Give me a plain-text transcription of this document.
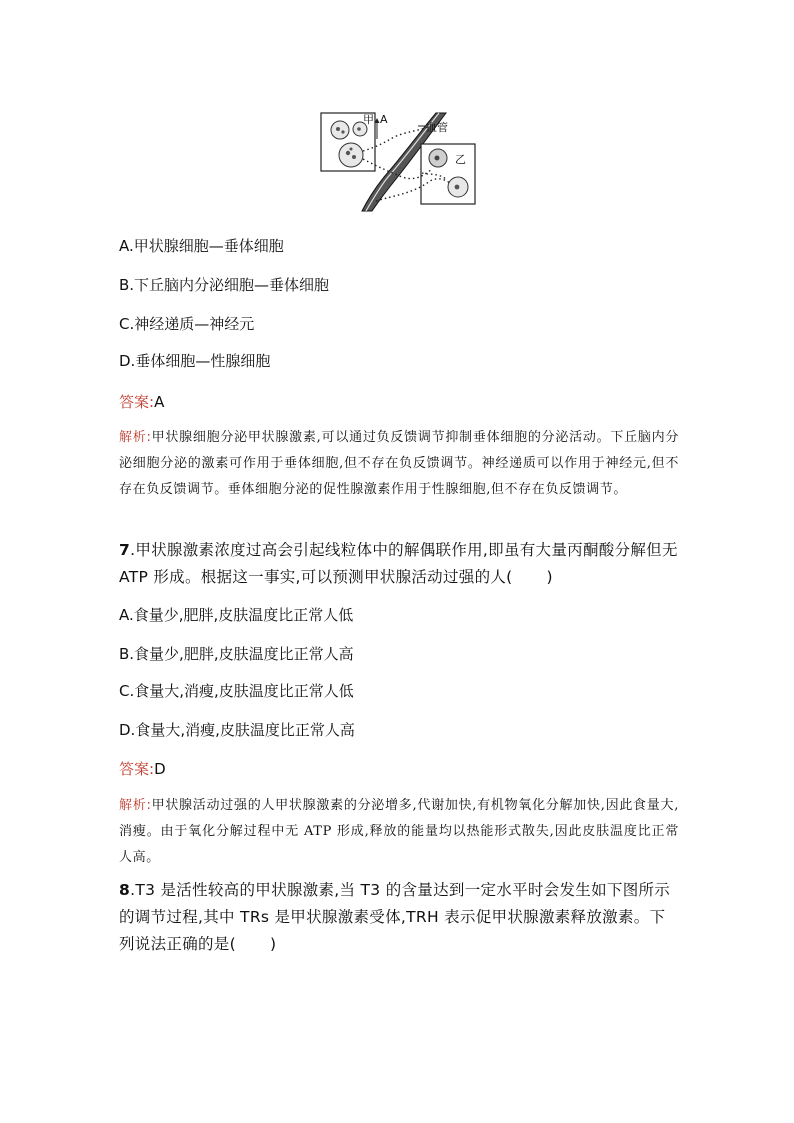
甲 A
乙
血管
A.甲状腺细胞—垂体细胞
B.下丘脑内分泌细胞—垂体细胞
C.神经递质—神经元
D.垂体细胞—性腺细胞
答案:A
解析:甲状腺细胞分泌甲状腺激素,可以通过负反馈调节抑制垂体细胞的分泌活动。下丘脑内分泌细胞分泌的激素可作用于垂体细胞,但不存在负反馈调节。神经递质可以作用于神经元,但不存在负反馈调节。垂体细胞分泌的促性腺激素作用于性腺细胞,但不存在负反馈调节。
7.甲状腺激素浓度过高会引起线粒体中的解偶联作用,即虽有大量丙酮酸分解但无 ATP 形成。根据这一事实,可以预测甲状腺活动过强的人( )
A.食量少,肥胖,皮肤温度比正常人低
B.食量少,肥胖,皮肤温度比正常人高
C.食量大,消瘦,皮肤温度比正常人低
D.食量大,消瘦,皮肤温度比正常人高
答案:D
解析:甲状腺活动过强的人甲状腺激素的分泌增多,代谢加快,有机物氧化分解加快,因此食量大,消瘦。由于氧化分解过程中无 ATP 形成,释放的能量均以热能形式散失,因此皮肤温度比正常人高。
8.T3 是活性较高的甲状腺激素,当 T3 的含量达到一定水平时会发生如下图所示的调节过程,其中 TRs 是甲状腺激素受体,TRH 表示促甲状腺激素释放激素。下列说法正确的是( )
